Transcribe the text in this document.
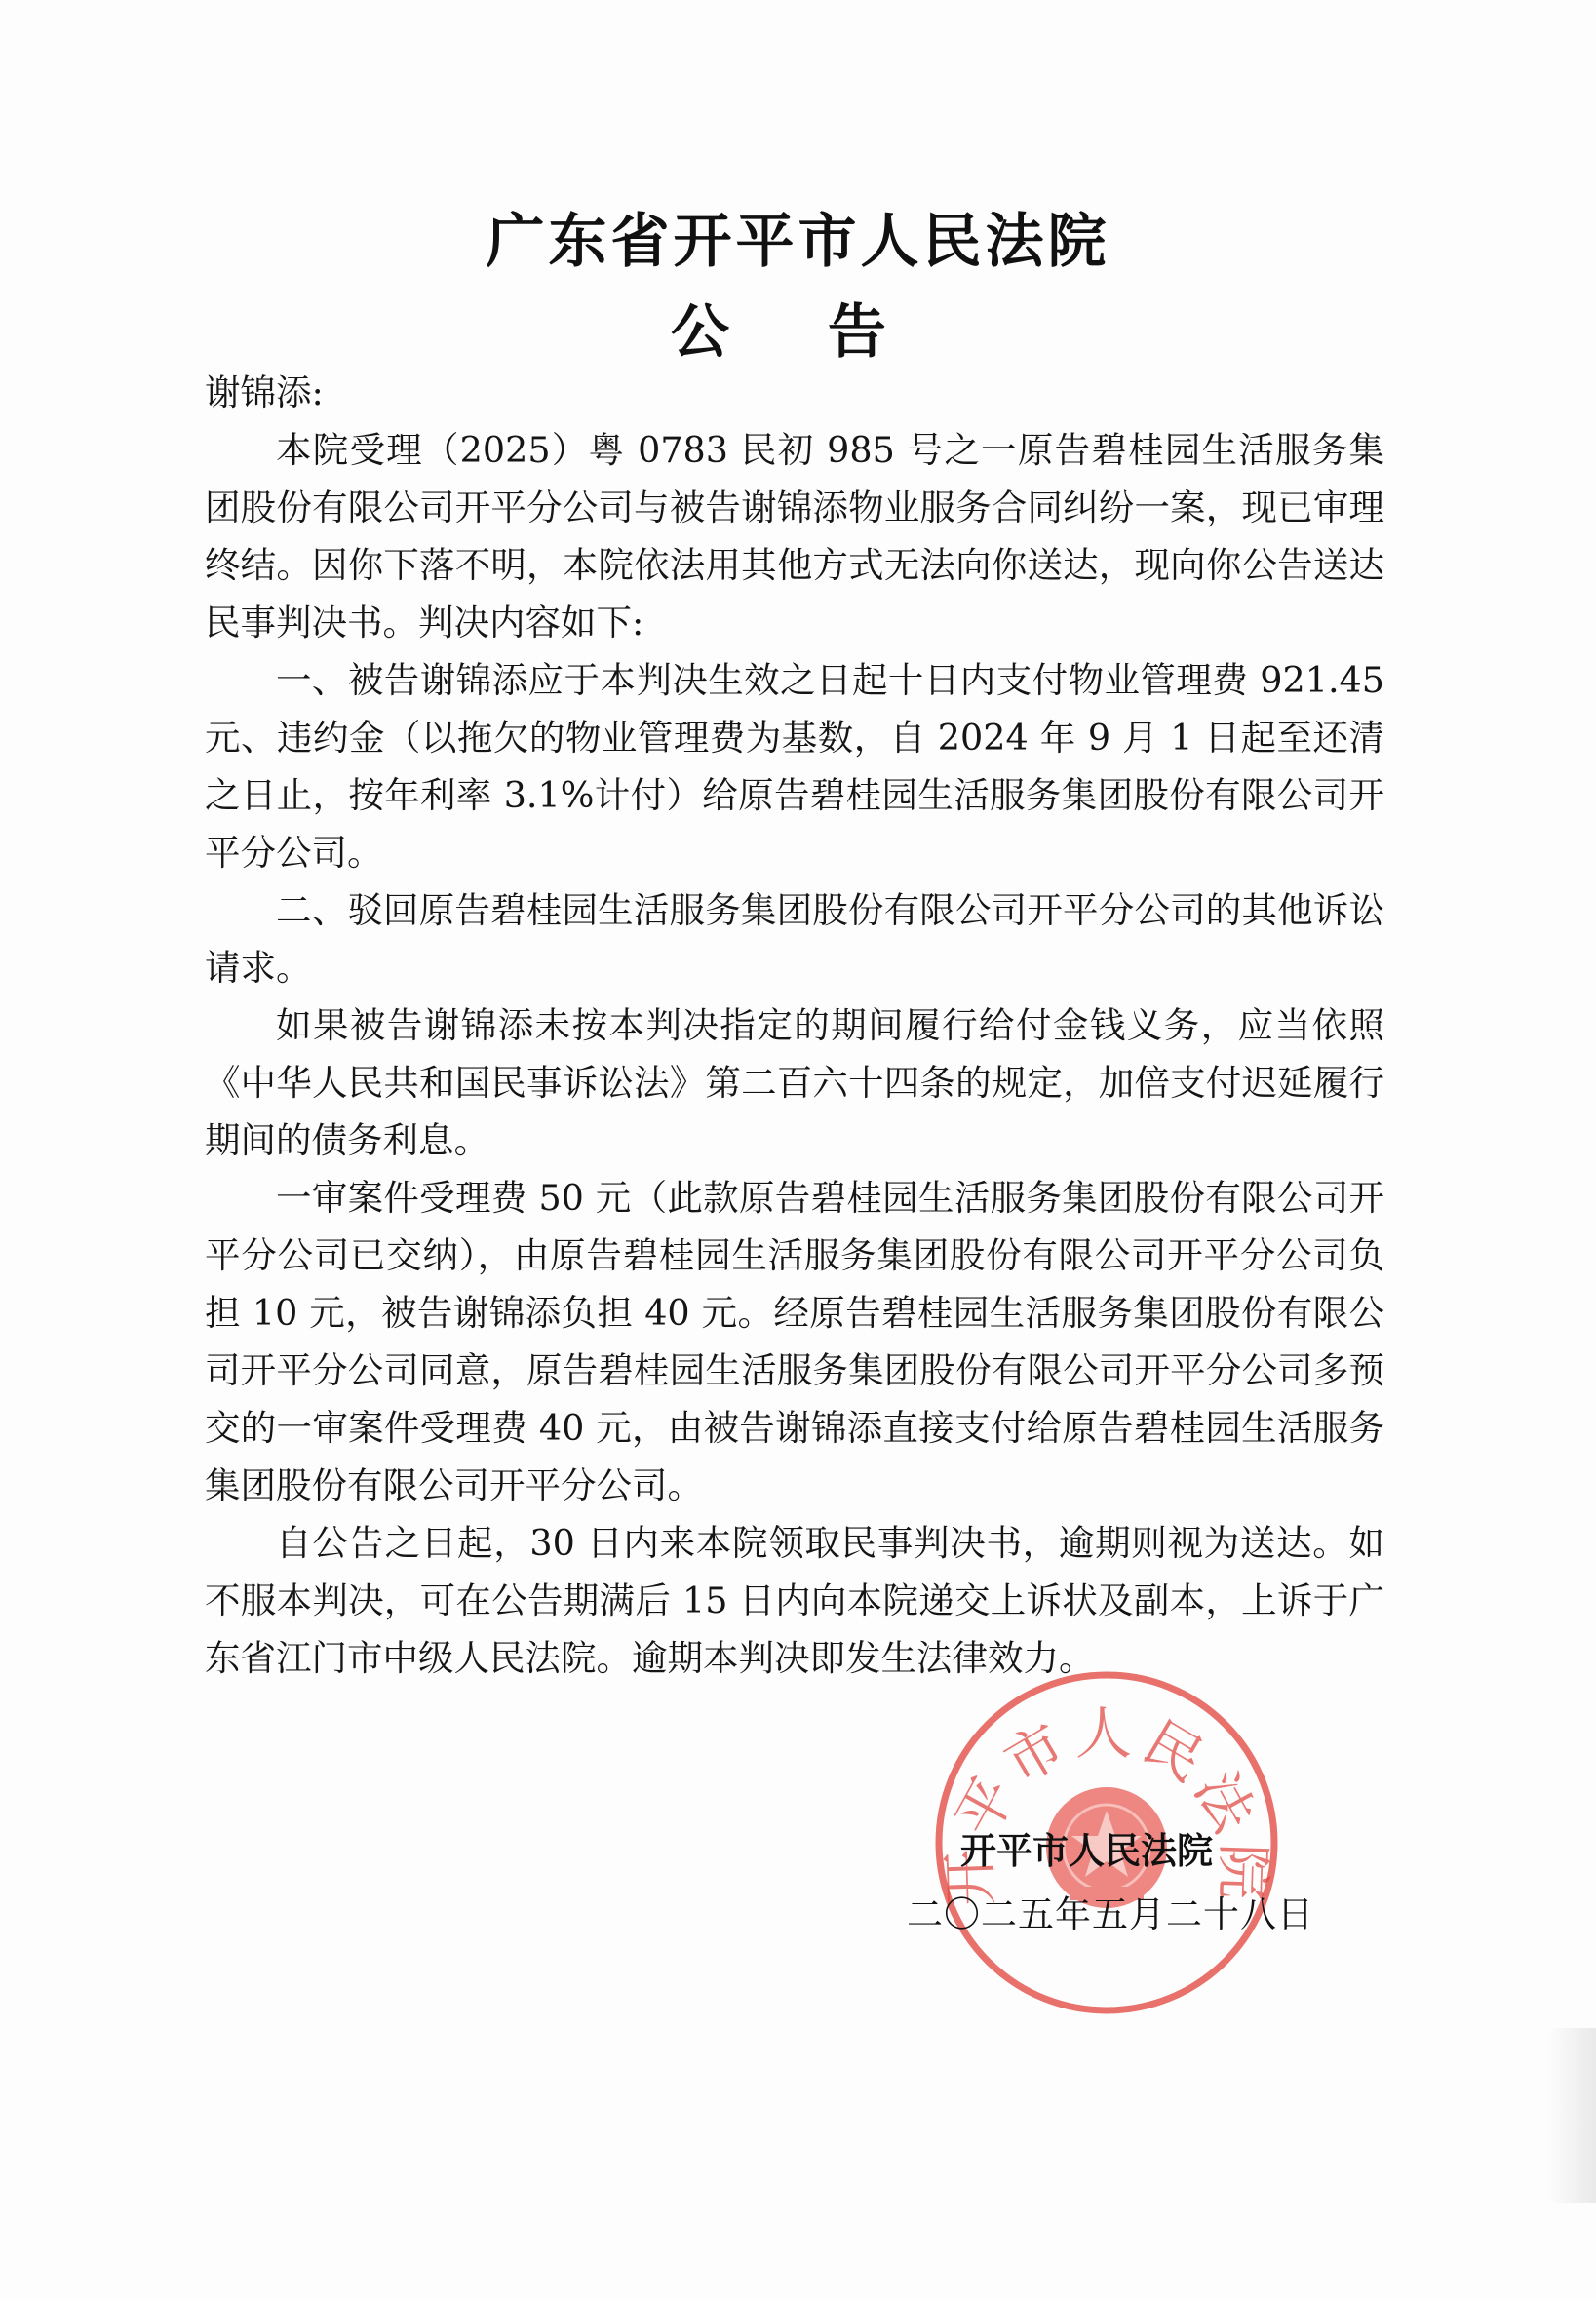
广东省开平市人民法院
公 告

谢锦添:

本院受理（2025）粤 0783 民初 985 号之一原告碧桂园生活服务集团股份有限公司开平分公司与被告谢锦添物业服务合同纠纷一案，现已审理终结。因你下落不明，本院依法用其他方式无法向你送达，现向你公告送达民事判决书。判决内容如下:

一、被告谢锦添应于本判决生效之日起十日内支付物业管理费 921.45 元、违约金（以拖欠的物业管理费为基数，自 2024 年 9 月 1 日起至还清之日止，按年利率 3.1%计付）给原告碧桂园生活服务集团股份有限公司开平分公司。

二、驳回原告碧桂园生活服务集团股份有限公司开平分公司的其他诉讼请求。

如果被告谢锦添未按本判决指定的期间履行给付金钱义务，应当依照《中华人民共和国民事诉讼法》第二百六十四条的规定，加倍支付迟延履行期间的债务利息。

一审案件受理费 50 元（此款原告碧桂园生活服务集团股份有限公司开平分公司已交纳），由原告碧桂园生活服务集团股份有限公司开平分公司负担 10 元，被告谢锦添负担 40 元。经原告碧桂园生活服务集团股份有限公司开平分公司同意，原告碧桂园生活服务集团股份有限公司开平分公司多预交的一审案件受理费 40 元，由被告谢锦添直接支付给原告碧桂园生活服务集团股份有限公司开平分公司。

自公告之日起，30 日内来本院领取民事判决书，逾期则视为送达。如不服本判决，可在公告期满后 15 日内向本院递交上诉状及副本，上诉于广东省江门市中级人民法院。逾期本判决即发生法律效力。

开平市人民法院
开平市人民法院
二〇二五年五月二十八日
